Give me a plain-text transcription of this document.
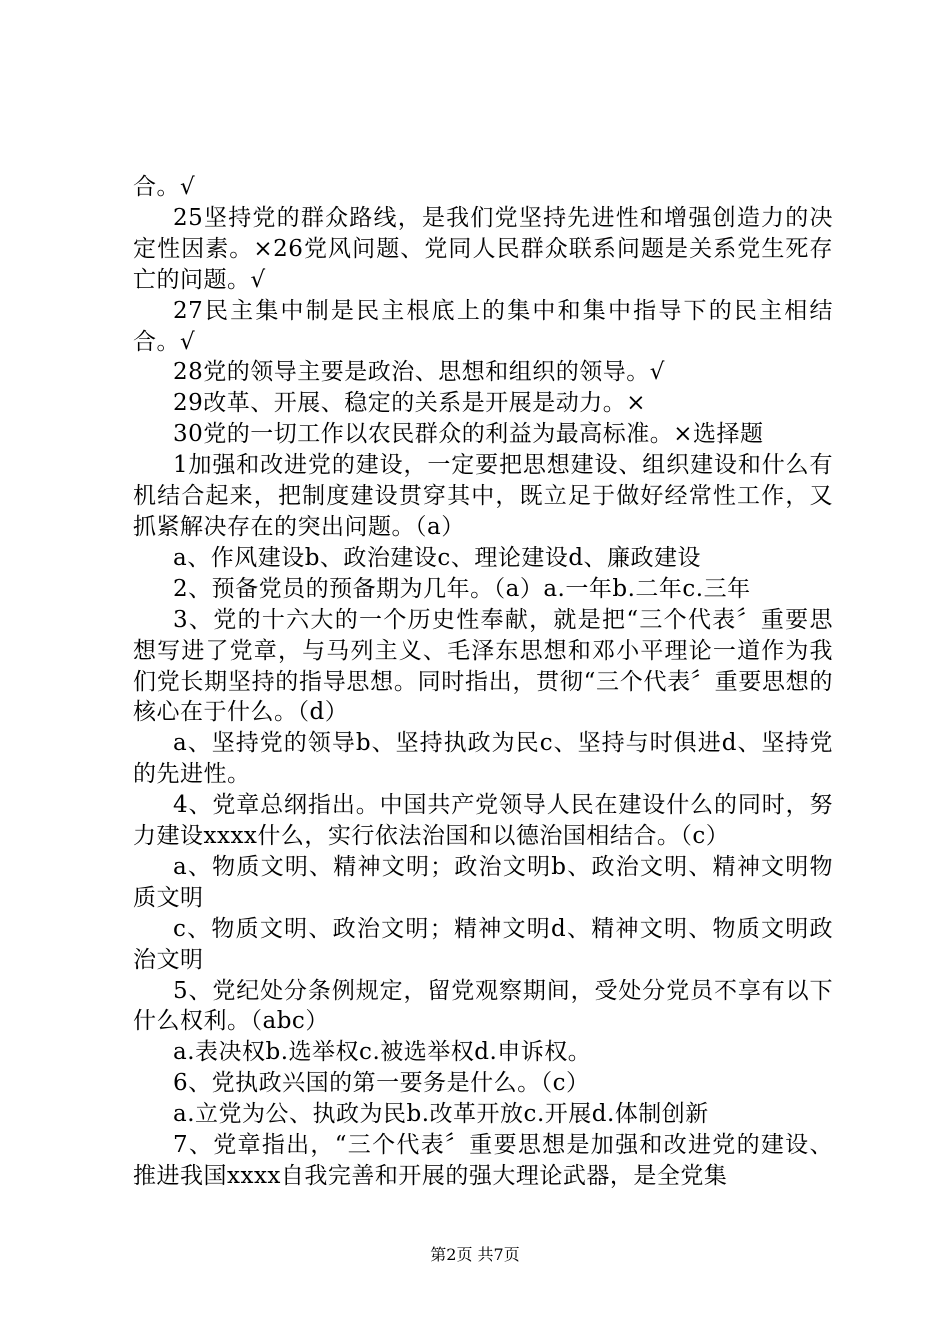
合。√

25坚持党的群众路线，是我们党坚持先进性和增强创造力的决定性因素。×26党风问题、党同人民群众联系问题是关系党生死存亡的问题。√

27民主集中制是民主根底上的集中和集中指导下的民主相结合。√

28党的领导主要是政治、思想和组织的领导。√

29改革、开展、稳定的关系是开展是动力。×

30党的一切工作以农民群众的利益为最高标准。×选择题

1加强和改进党的建设，一定要把思想建设、组织建设和什么有机结合起来，把制度建设贯穿其中，既立足于做好经常性工作，又抓紧解决存在的突出问题。（a）

a、作风建设b、政治建设c、理论建设d、廉政建设

2、预备党员的预备期为几年。（a）a.一年b.二年c.三年

3、党的十六大的一个历史性奉献，就是把“三个代表〞重要思想写进了党章，与马列主义、毛泽东思想和邓小平理论一道作为我们党长期坚持的指导思想。同时指出，贯彻“三个代表〞重要思想的核心在于什么。（d）

a、坚持党的领导b、坚持执政为民c、坚持与时俱进d、坚持党的先进性。

4、党章总纲指出。中国共产党领导人民在建设什么的同时，努力建设xxxx什么，实行依法治国和以德治国相结合。（c）

a、物质文明、精神文明；政治文明b、政治文明、精神文明物质文明

c、物质文明、政治文明；精神文明d、精神文明、物质文明政治文明

5、党纪处分条例规定，留党观察期间，受处分党员不享有以下什么权利。（abc）

a.表决权b.选举权c.被选举权d.申诉权。

6、党执政兴国的第一要务是什么。（c）

a.立党为公、执政为民b.改革开放c.开展d.体制创新

7、党章指出，“三个代表〞重要思想是加强和改进党的建设、推进我国xxxx自我完善和开展的强大理论武器，是全党集

第2页 共7页
